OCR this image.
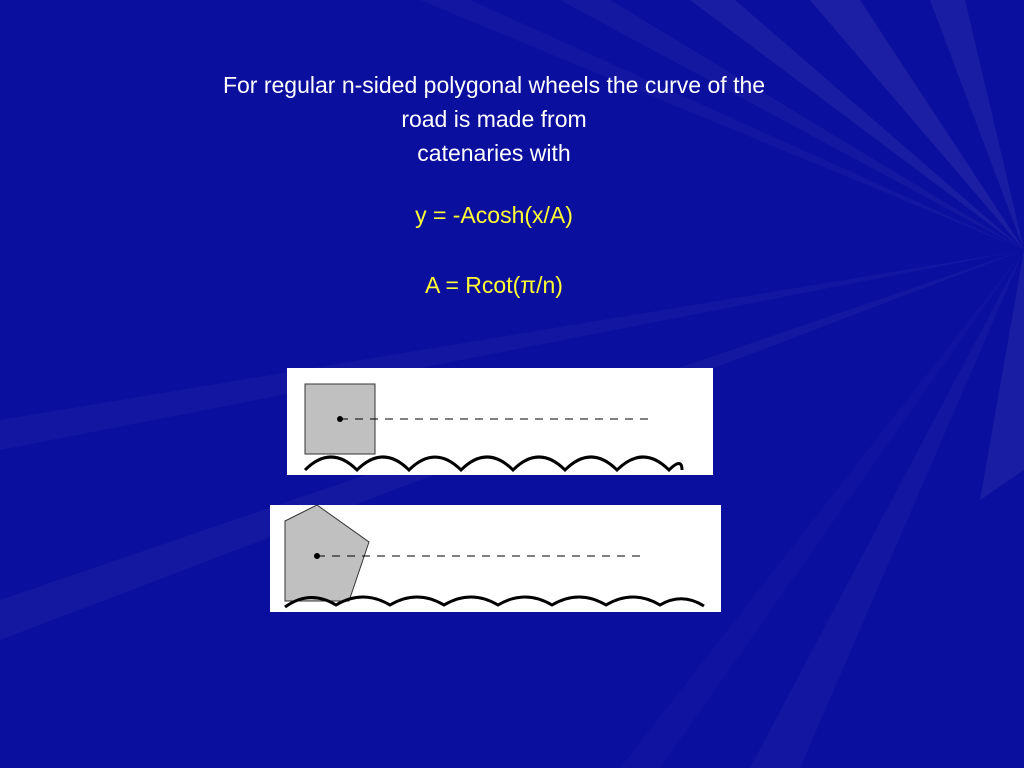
For regular n-sided polygonal wheels the curve of the
road is made from
catenaries with
y = -Acosh(x/A)
A = Rcot(π/n)
